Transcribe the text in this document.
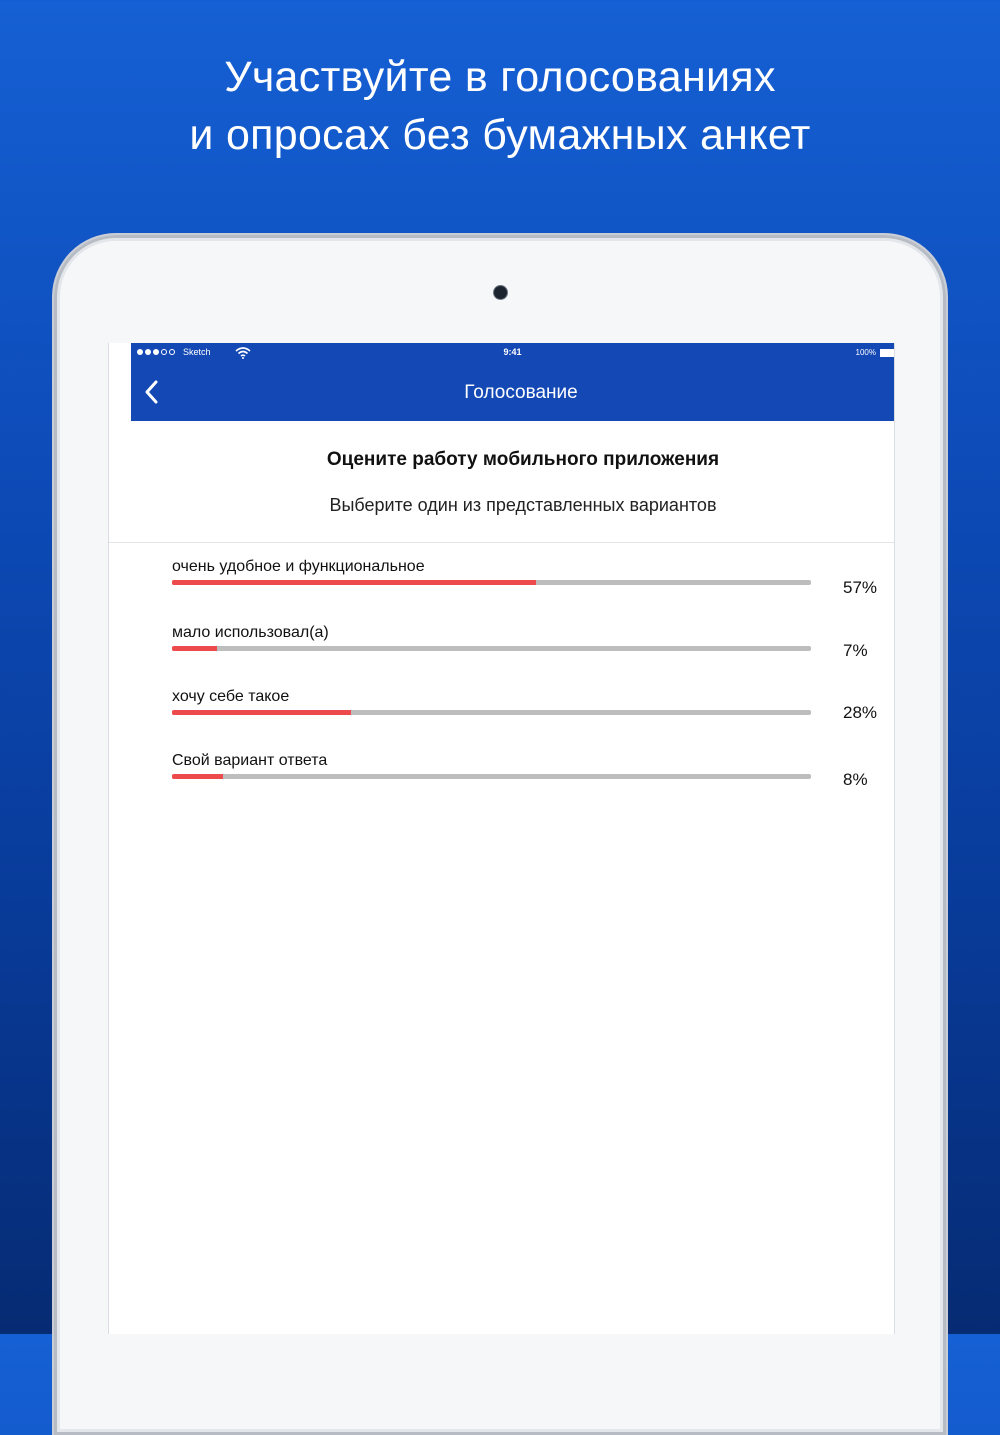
Участвуйте в голосованиях
и опросах без бумажных анкет
Sketch	9:41	100%
Голосование
Оцените работу мобильного приложения
Выберите один из представленных вариантов
очень удобное и функциональное
57%
мало использовал(а)
7%
хочу себе такое
28%
Свой вариант ответа
8%
